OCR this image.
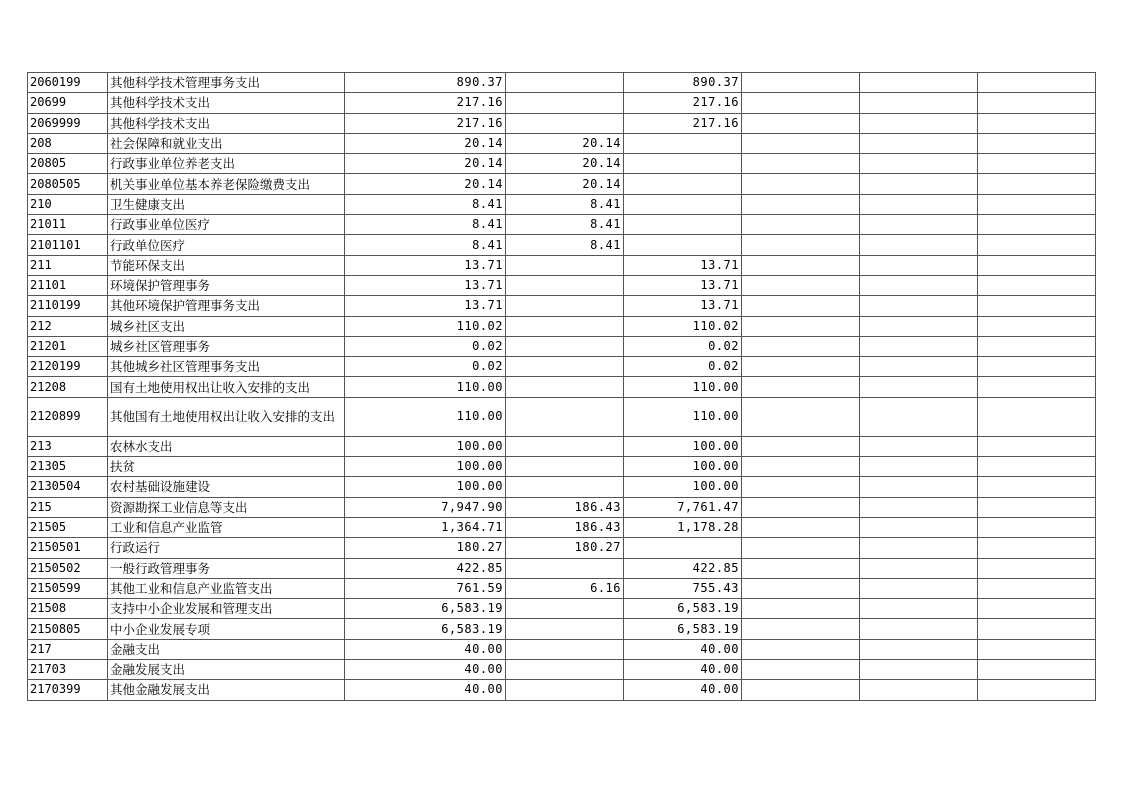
2060199	其他科学技术管理事务支出	890.37		890.37			
20699	其他科学技术支出	217.16		217.16			
2069999	其他科学技术支出	217.16		217.16			
208	社会保障和就业支出	20.14	20.14				
20805	行政事业单位养老支出	20.14	20.14				
2080505	机关事业单位基本养老保险缴费支出	20.14	20.14				
210	卫生健康支出	8.41	8.41				
21011	行政事业单位医疗	8.41	8.41				
2101101	行政单位医疗	8.41	8.41				
211	节能环保支出	13.71		13.71			
21101	环境保护管理事务	13.71		13.71			
2110199	其他环境保护管理事务支出	13.71		13.71			
212	城乡社区支出	110.02		110.02			
21201	城乡社区管理事务	0.02		0.02			
2120199	其他城乡社区管理事务支出	0.02		0.02			
21208	国有土地使用权出让收入安排的支出	110.00		110.00			
2120899	其他国有土地使用权出让收入安排的支出	110.00		110.00			
213	农林水支出	100.00		100.00			
21305	扶贫	100.00		100.00			
2130504	农村基础设施建设	100.00		100.00			
215	资源勘探工业信息等支出	7,947.90	186.43	7,761.47			
21505	工业和信息产业监管	1,364.71	186.43	1,178.28			
2150501	行政运行	180.27	180.27				
2150502	一般行政管理事务	422.85		422.85			
2150599	其他工业和信息产业监管支出	761.59	6.16	755.43			
21508	支持中小企业发展和管理支出	6,583.19		6,583.19			
2150805	中小企业发展专项	6,583.19		6,583.19			
217	金融支出	40.00		40.00			
21703	金融发展支出	40.00		40.00			
2170399	其他金融发展支出	40.00		40.00			
